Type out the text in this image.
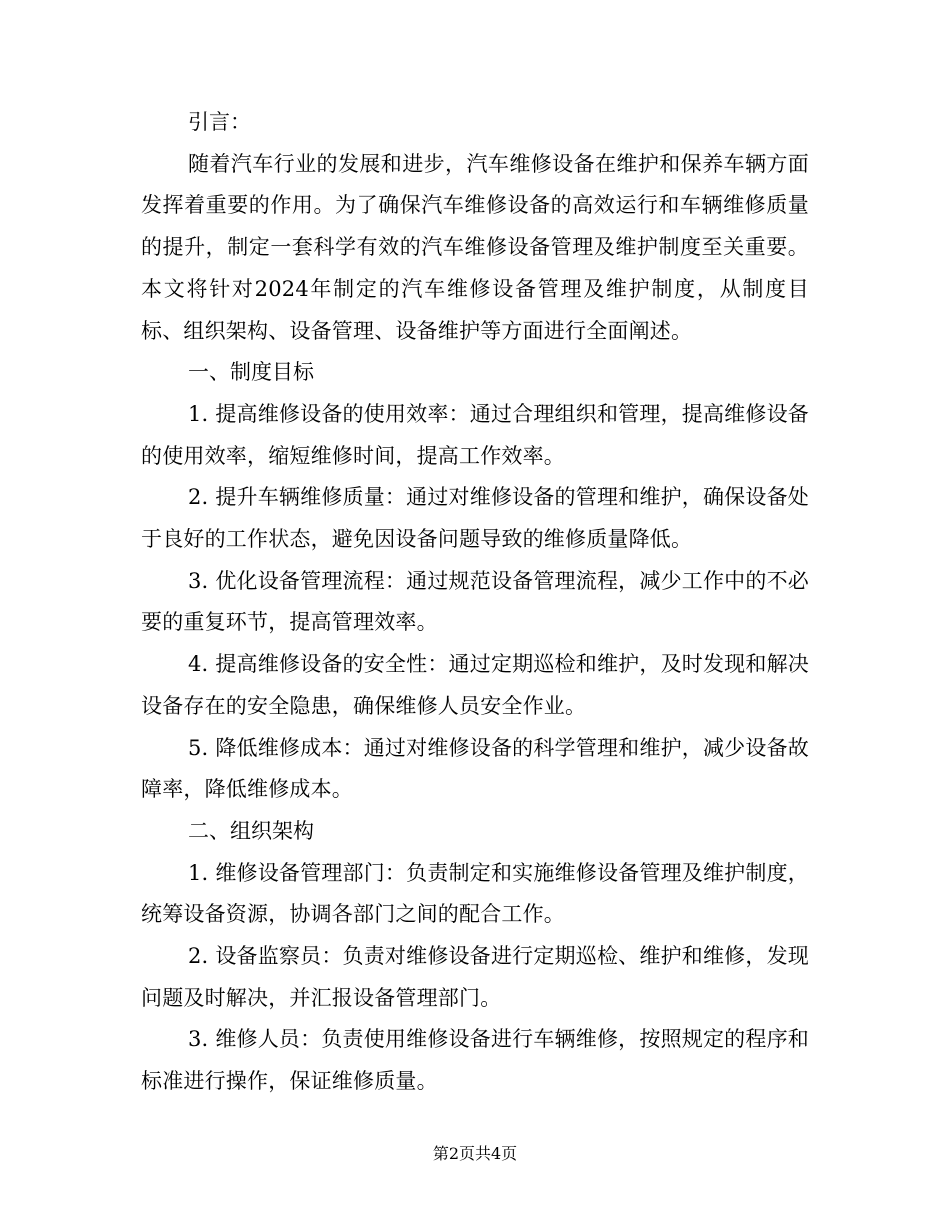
引言：

随着汽车行业的发展和进步，汽车维修设备在维护和保养车辆方面发挥着重要的作用。为了确保汽车维修设备的高效运行和车辆维修质量的提升，制定一套科学有效的汽车维修设备管理及维护制度至关重要。本文将针对2024年制定的汽车维修设备管理及维护制度，从制度目标、组织架构、设备管理、设备维护等方面进行全面阐述。

一、制度目标

1. 提高维修设备的使用效率：通过合理组织和管理，提高维修设备的使用效率，缩短维修时间，提高工作效率。

2. 提升车辆维修质量：通过对维修设备的管理和维护，确保设备处于良好的工作状态，避免因设备问题导致的维修质量降低。

3. 优化设备管理流程：通过规范设备管理流程，减少工作中的不必要的重复环节，提高管理效率。

4. 提高维修设备的安全性：通过定期巡检和维护，及时发现和解决设备存在的安全隐患，确保维修人员安全作业。

5. 降低维修成本：通过对维修设备的科学管理和维护，减少设备故障率，降低维修成本。

二、组织架构

1. 维修设备管理部门：负责制定和实施维修设备管理及维护制度，统筹设备资源，协调各部门之间的配合工作。

2. 设备监察员：负责对维修设备进行定期巡检、维护和维修，发现问题及时解决，并汇报设备管理部门。

3. 维修人员：负责使用维修设备进行车辆维修，按照规定的程序和标准进行操作，保证维修质量。

第2页共4页
